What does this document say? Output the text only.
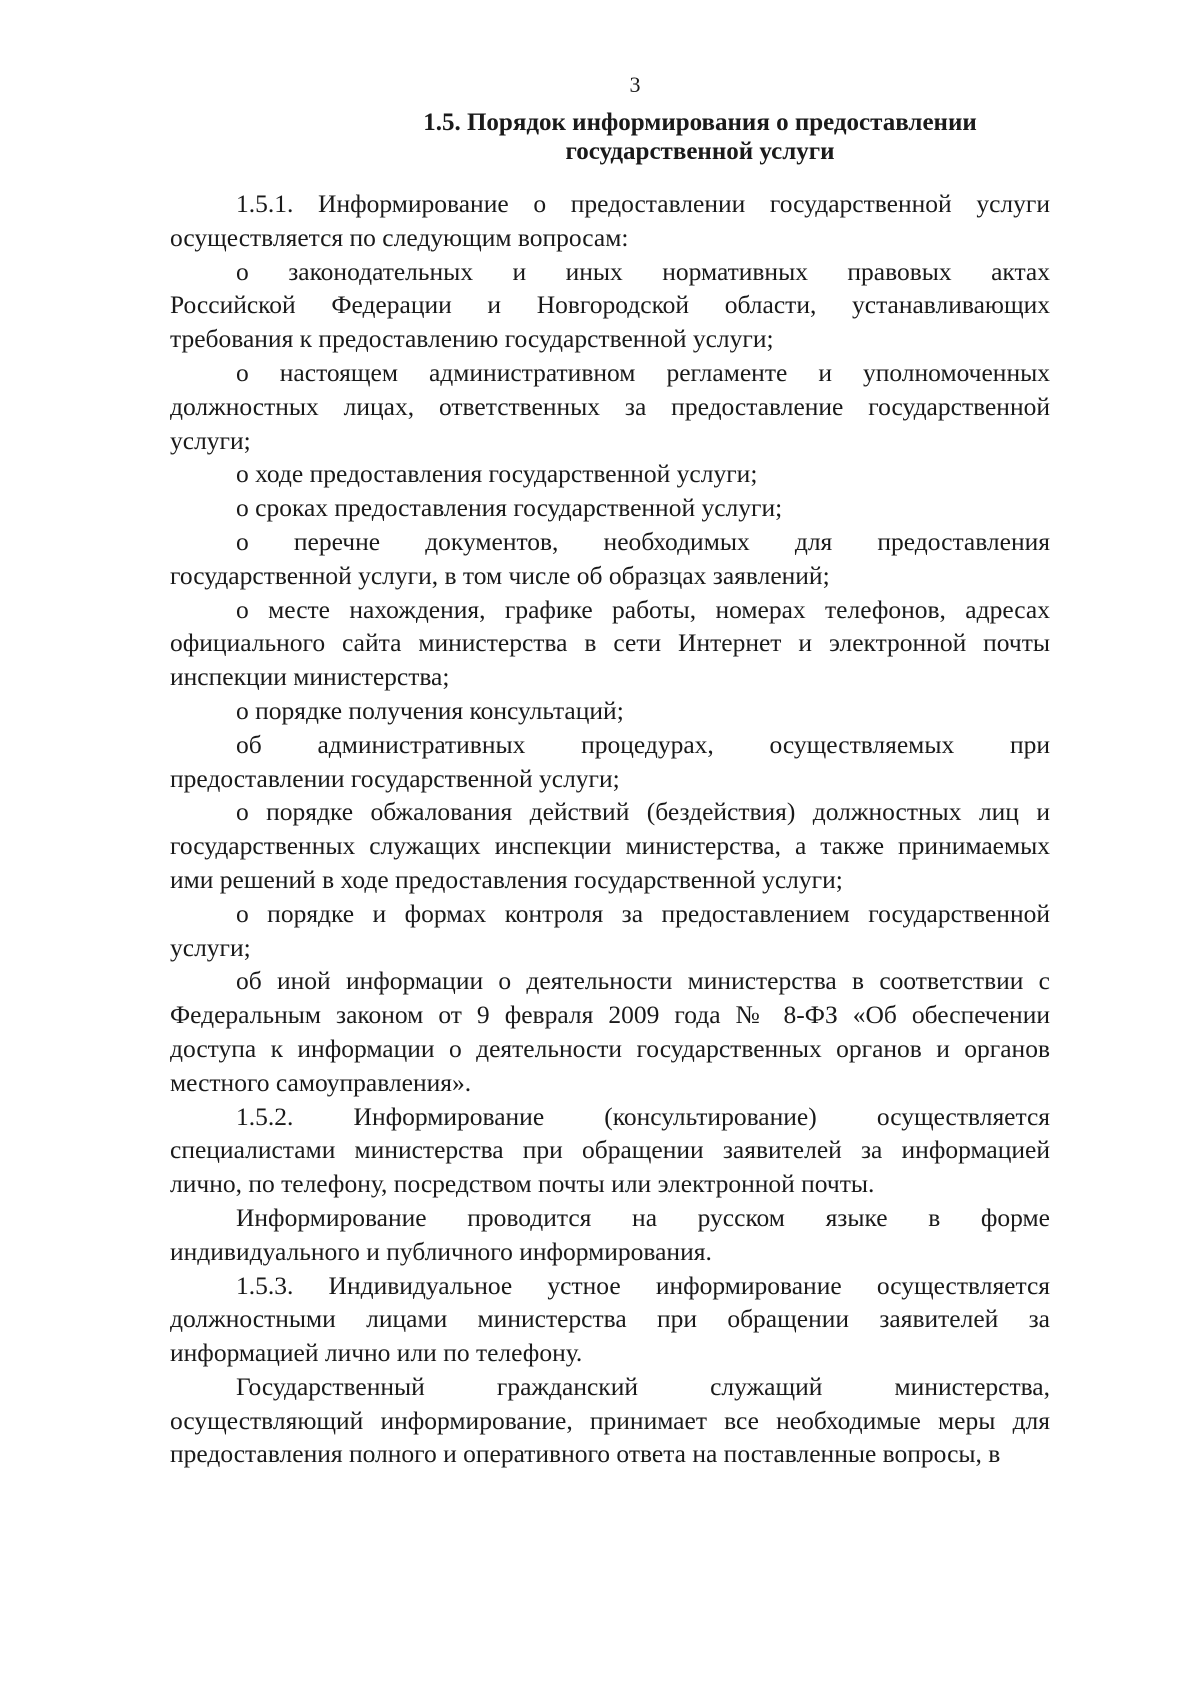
3
1.5. Порядок информирования о предоставлении
государственной услуги
1.5.1. Информирование о предоставлении государственной услуги
осуществляется по следующим вопросам:
о законодательных и иных нормативных правовых актах
Российской Федерации и Новгородской области, устанавливающих
требования к предоставлению государственной услуги;
о настоящем административном регламенте и уполномоченных
должностных лицах, ответственных за предоставление государственной
услуги;
о ходе предоставления государственной услуги;
о сроках предоставления государственной услуги;
о перечне документов, необходимых для предоставления
государственной услуги, в том числе об образцах заявлений;
о месте нахождения, графике работы, номерах телефонов, адресах
официального сайта министерства в сети Интернет и электронной почты
инспекции министерства;
о порядке получения консультаций;
об административных процедурах, осуществляемых при
предоставлении государственной услуги;
о порядке обжалования действий (бездействия) должностных лиц и
государственных служащих инспекции министерства, а также принимаемых
ими решений в ходе предоставления государственной услуги;
о порядке и формах контроля за предоставлением государственной
услуги;
об иной информации о деятельности министерства в соответствии с
Федеральным законом от 9 февраля 2009 года № 8-ФЗ «Об обеспечении
доступа к информации о деятельности государственных органов и органов
местного самоуправления».
1.5.2. Информирование (консультирование) осуществляется
специалистами министерства при обращении заявителей за информацией
лично, по телефону, посредством почты или электронной почты.
Информирование проводится на русском языке в форме
индивидуального и публичного информирования.
1.5.3. Индивидуальное устное информирование осуществляется
должностными лицами министерства при обращении заявителей за
информацией лично или по телефону.
Государственный гражданский служащий министерства,
осуществляющий информирование, принимает все необходимые меры для
предоставления полного и оперативного ответа на поставленные вопросы, в
